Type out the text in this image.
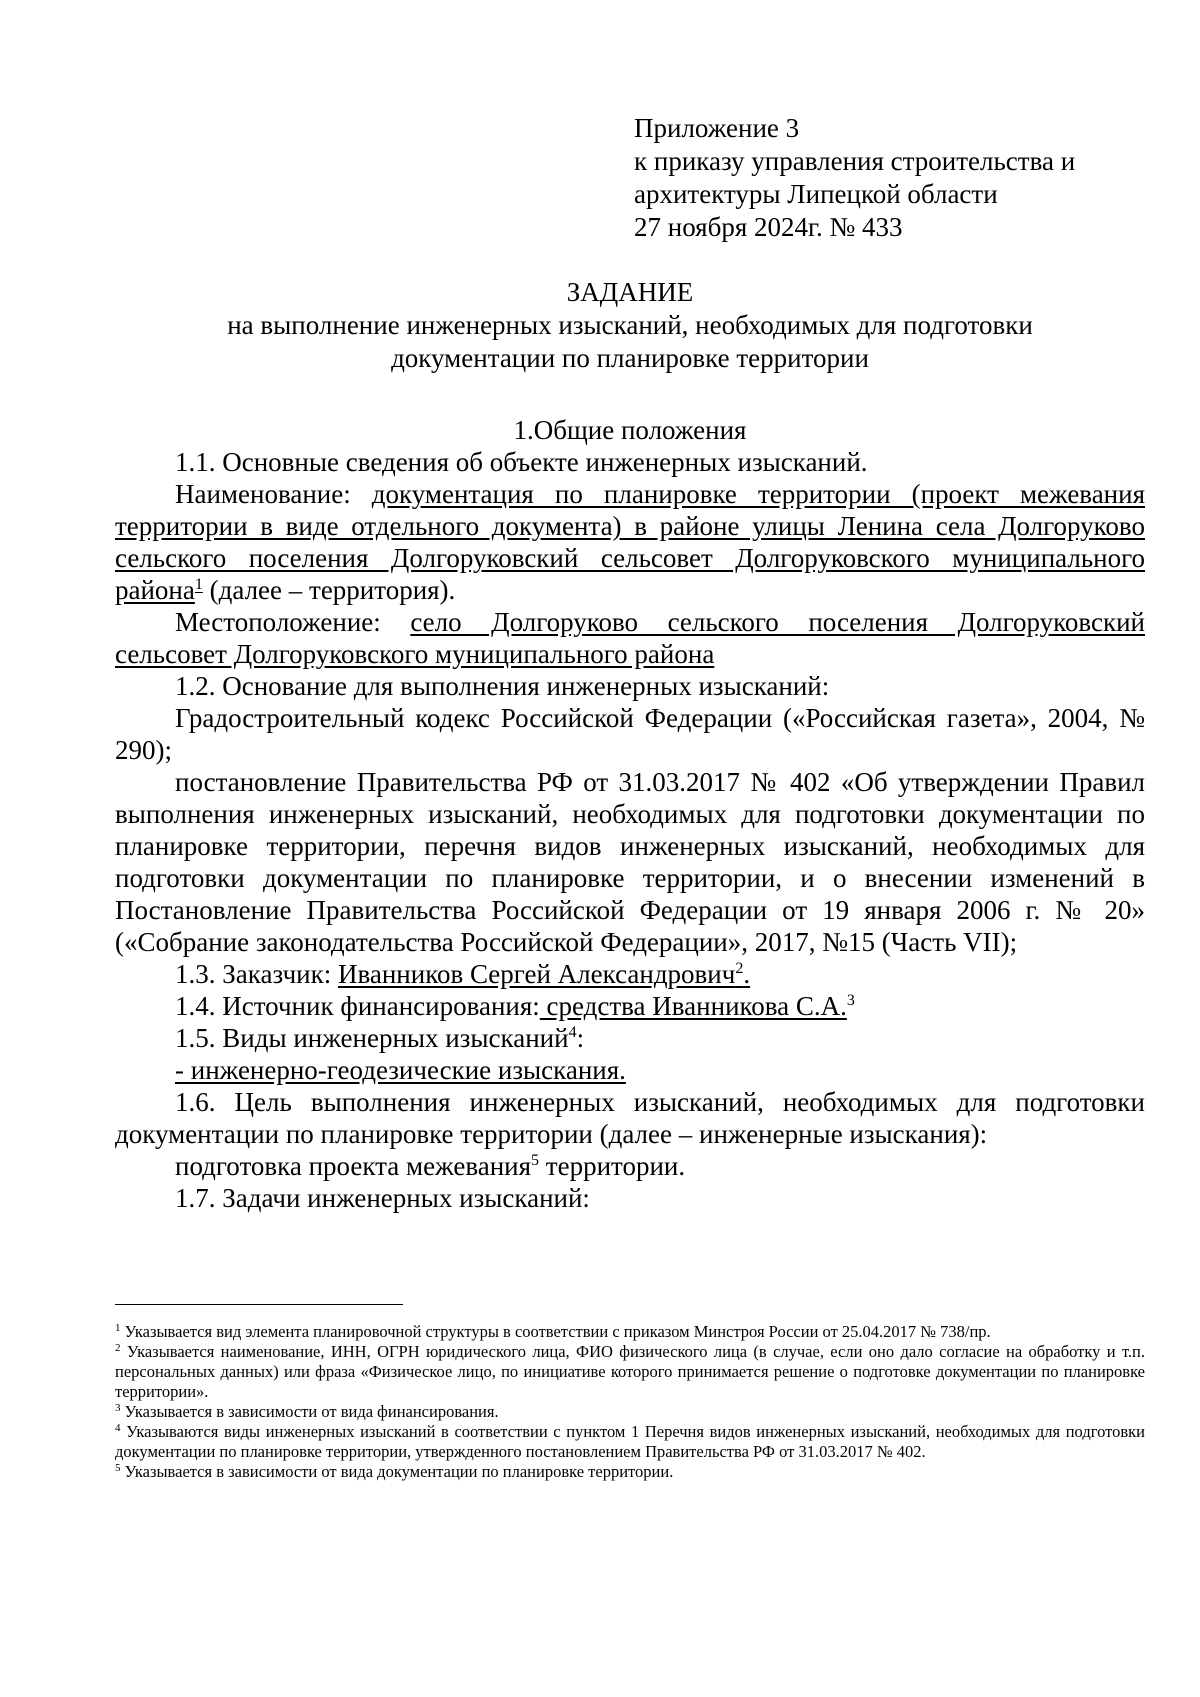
Приложение 3
к приказу управления строительства и
архитектуры Липецкой области
27 ноября 2024г. № 433
ЗАДАНИЕ
на выполнение инженерных изысканий, необходимых для подготовки
документации по планировке территории

1.Общие положения

1.1. Основные сведения об объекте инженерных изысканий.

Наименование: документация по планировке территории (проект межевания территории в виде отдельного документа) в районе улицы Ленина села Долгоруково сельского поселения Долгоруковский сельсовет Долгоруковского муниципального района$^1$ (далее – территория).

Местоположение: село Долгоруково сельского поселения Долгоруковский сельсовет Долгоруковского муниципального района

1.2. Основание для выполнения инженерных изысканий:

Градостроительный кодекс Российской Федерации («Российская газета», 2004, № 290);

постановление Правительства РФ от 31.03.2017 № 402 «Об утверждении Правил выполнения инженерных изысканий, необходимых для подготовки документации по планировке территории, перечня видов инженерных изысканий, необходимых для подготовки документации по планировке территории, и о внесении изменений в Постановление Правительства Российской Федерации от 19 января 2006 г. № 20» («Собрание законодательства Российской Федерации», 2017, №15 (Часть VII);

1.3. Заказчик: Иванников Сергей Александрович$^2$.

1.4. Источник финансирования: средства Иванникова С.А.$^3$

1.5. Виды инженерных изысканий$^4$:

- инженерно-геодезические изыскания.

1.6. Цель выполнения инженерных изысканий, необходимых для подготовки документации по планировке территории (далее – инженерные изыскания):

подготовка проекта межевания$^5$ территории.

1.7. Задачи инженерных изысканий:

$^1$ Указывается вид элемента планировочной структуры в соответствии с приказом Минстроя России от 25.04.2017 № 738/пр.

$^2$ Указывается наименование, ИНН, ОГРН юридического лица, ФИО физического лица (в случае, если оно дало согласие на обработку и т.п. персональных данных) или фраза «Физическое лицо, по инициативе которого принимается решение о подготовке документации по планировке территории».

$^3$ Указывается в зависимости от вида финансирования.

$^4$ Указываются виды инженерных изысканий в соответствии с пунктом 1 Перечня видов инженерных изысканий, необходимых для подготовки документации по планировке территории, утвержденного постановлением Правительства РФ от 31.03.2017 № 402.

$^5$ Указывается в зависимости от вида документации по планировке территории.
